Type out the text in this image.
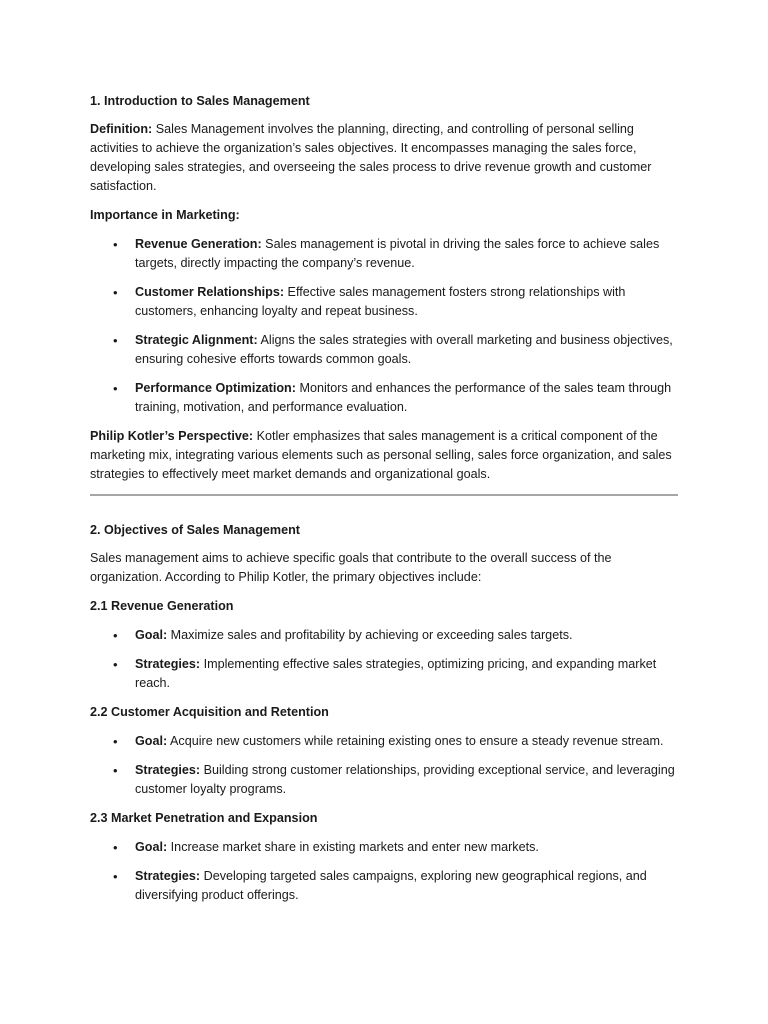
1. Introduction to Sales Management

Definition: Sales Management involves the planning, directing, and controlling of personal selling activities to achieve the organization’s sales objectives. It encompasses managing the sales force, developing sales strategies, and overseeing the sales process to drive revenue growth and customer satisfaction.

Importance in Marketing:

• Revenue Generation: Sales management is pivotal in driving the sales force to achieve sales targets, directly impacting the company’s revenue.
• Customer Relationships: Effective sales management fosters strong relationships with customers, enhancing loyalty and repeat business.
• Strategic Alignment: Aligns the sales strategies with overall marketing and business objectives, ensuring cohesive efforts towards common goals.
• Performance Optimization: Monitors and enhances the performance of the sales team through training, motivation, and performance evaluation.

Philip Kotler’s Perspective: Kotler emphasizes that sales management is a critical component of the marketing mix, integrating various elements such as personal selling, sales force organization, and sales strategies to effectively meet market demands and organizational goals.

2. Objectives of Sales Management

Sales management aims to achieve specific goals that contribute to the overall success of the organization. According to Philip Kotler, the primary objectives include:

2.1 Revenue Generation
• Goal: Maximize sales and profitability by achieving or exceeding sales targets.
• Strategies: Implementing effective sales strategies, optimizing pricing, and expanding market reach.
2.2 Customer Acquisition and Retention
• Goal: Acquire new customers while retaining existing ones to ensure a steady revenue stream.
• Strategies: Building strong customer relationships, providing exceptional service, and leveraging customer loyalty programs.
2.3 Market Penetration and Expansion
• Goal: Increase market share in existing markets and enter new markets.
• Strategies: Developing targeted sales campaigns, exploring new geographical regions, and diversifying product offerings.
